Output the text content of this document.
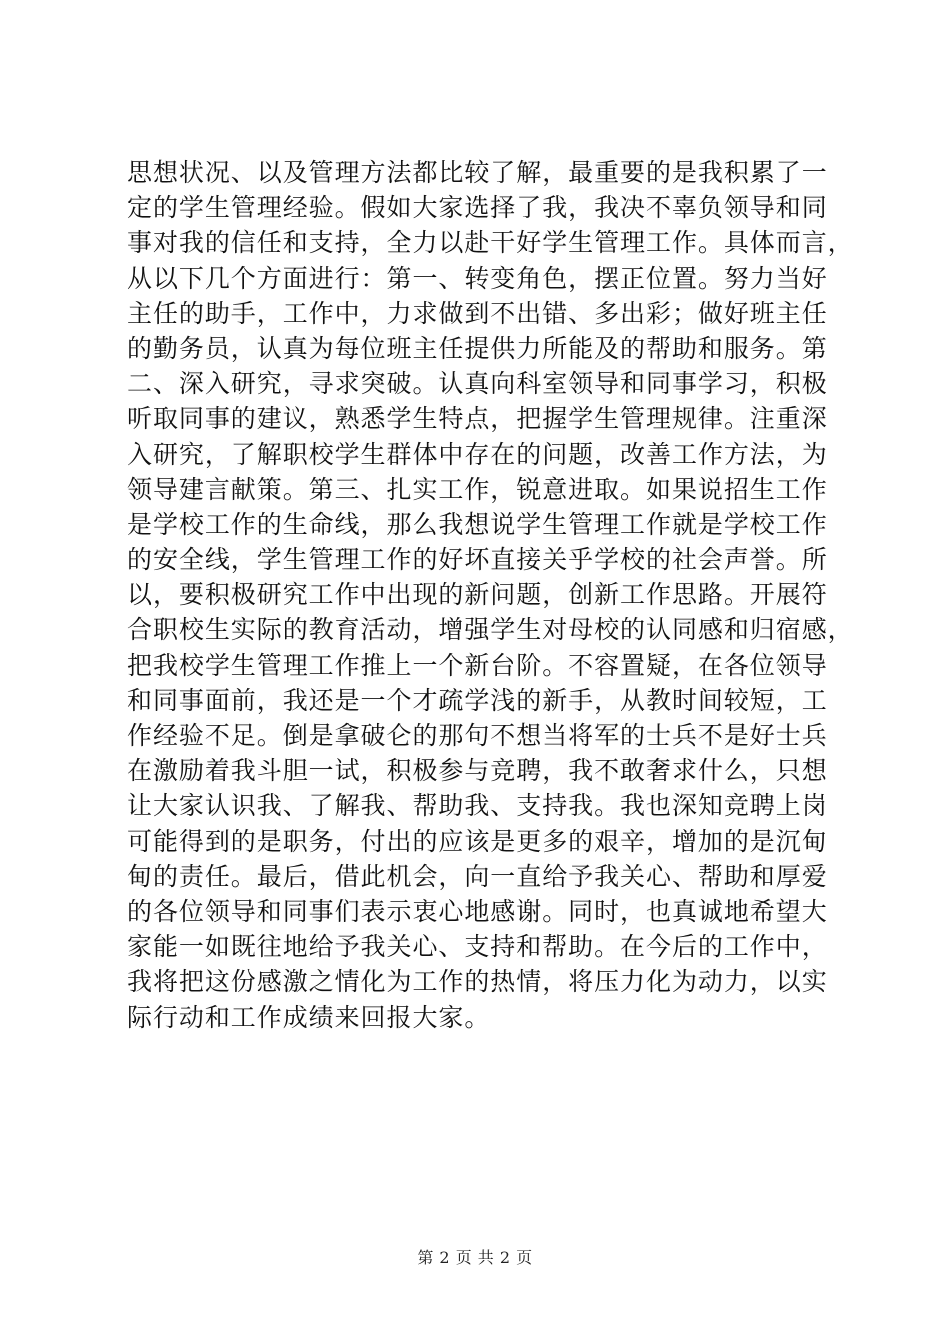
思想状况、以及管理方法都比较了解，最重要的是我积累了一
定的学生管理经验。假如大家选择了我，我决不辜负领导和同
事对我的信任和支持，全力以赴干好学生管理工作。具体而言，
从以下几个方面进行：第一、转变角色，摆正位置。努力当好
主任的助手，工作中，力求做到不出错、多出彩；做好班主任
的勤务员，认真为每位班主任提供力所能及的帮助和服务。第
二、深入研究，寻求突破。认真向科室领导和同事学习，积极
听取同事的建议，熟悉学生特点，把握学生管理规律。注重深
入研究，了解职校学生群体中存在的问题，改善工作方法，为
领导建言献策。第三、扎实工作，锐意进取。如果说招生工作
是学校工作的生命线，那么我想说学生管理工作就是学校工作
的安全线，学生管理工作的好坏直接关乎学校的社会声誉。所
以，要积极研究工作中出现的新问题，创新工作思路。开展符
合职校生实际的教育活动，增强学生对母校的认同感和归宿感，
把我校学生管理工作推上一个新台阶。不容置疑，在各位领导
和同事面前，我还是一个才疏学浅的新手，从教时间较短，工
作经验不足。倒是拿破仑的那句不想当将军的士兵不是好士兵
在激励着我斗胆一试，积极参与竞聘，我不敢奢求什么，只想
让大家认识我、了解我、帮助我、支持我。我也深知竞聘上岗
可能得到的是职务，付出的应该是更多的艰辛，增加的是沉甸
甸的责任。最后，借此机会，向一直给予我关心、帮助和厚爱
的各位领导和同事们表示衷心地感谢。同时，也真诚地希望大
家能一如既往地给予我关心、支持和帮助。在今后的工作中，
我将把这份感激之情化为工作的热情，将压力化为动力，以实
际行动和工作成绩来回报大家。
第 2 页 共 2 页
